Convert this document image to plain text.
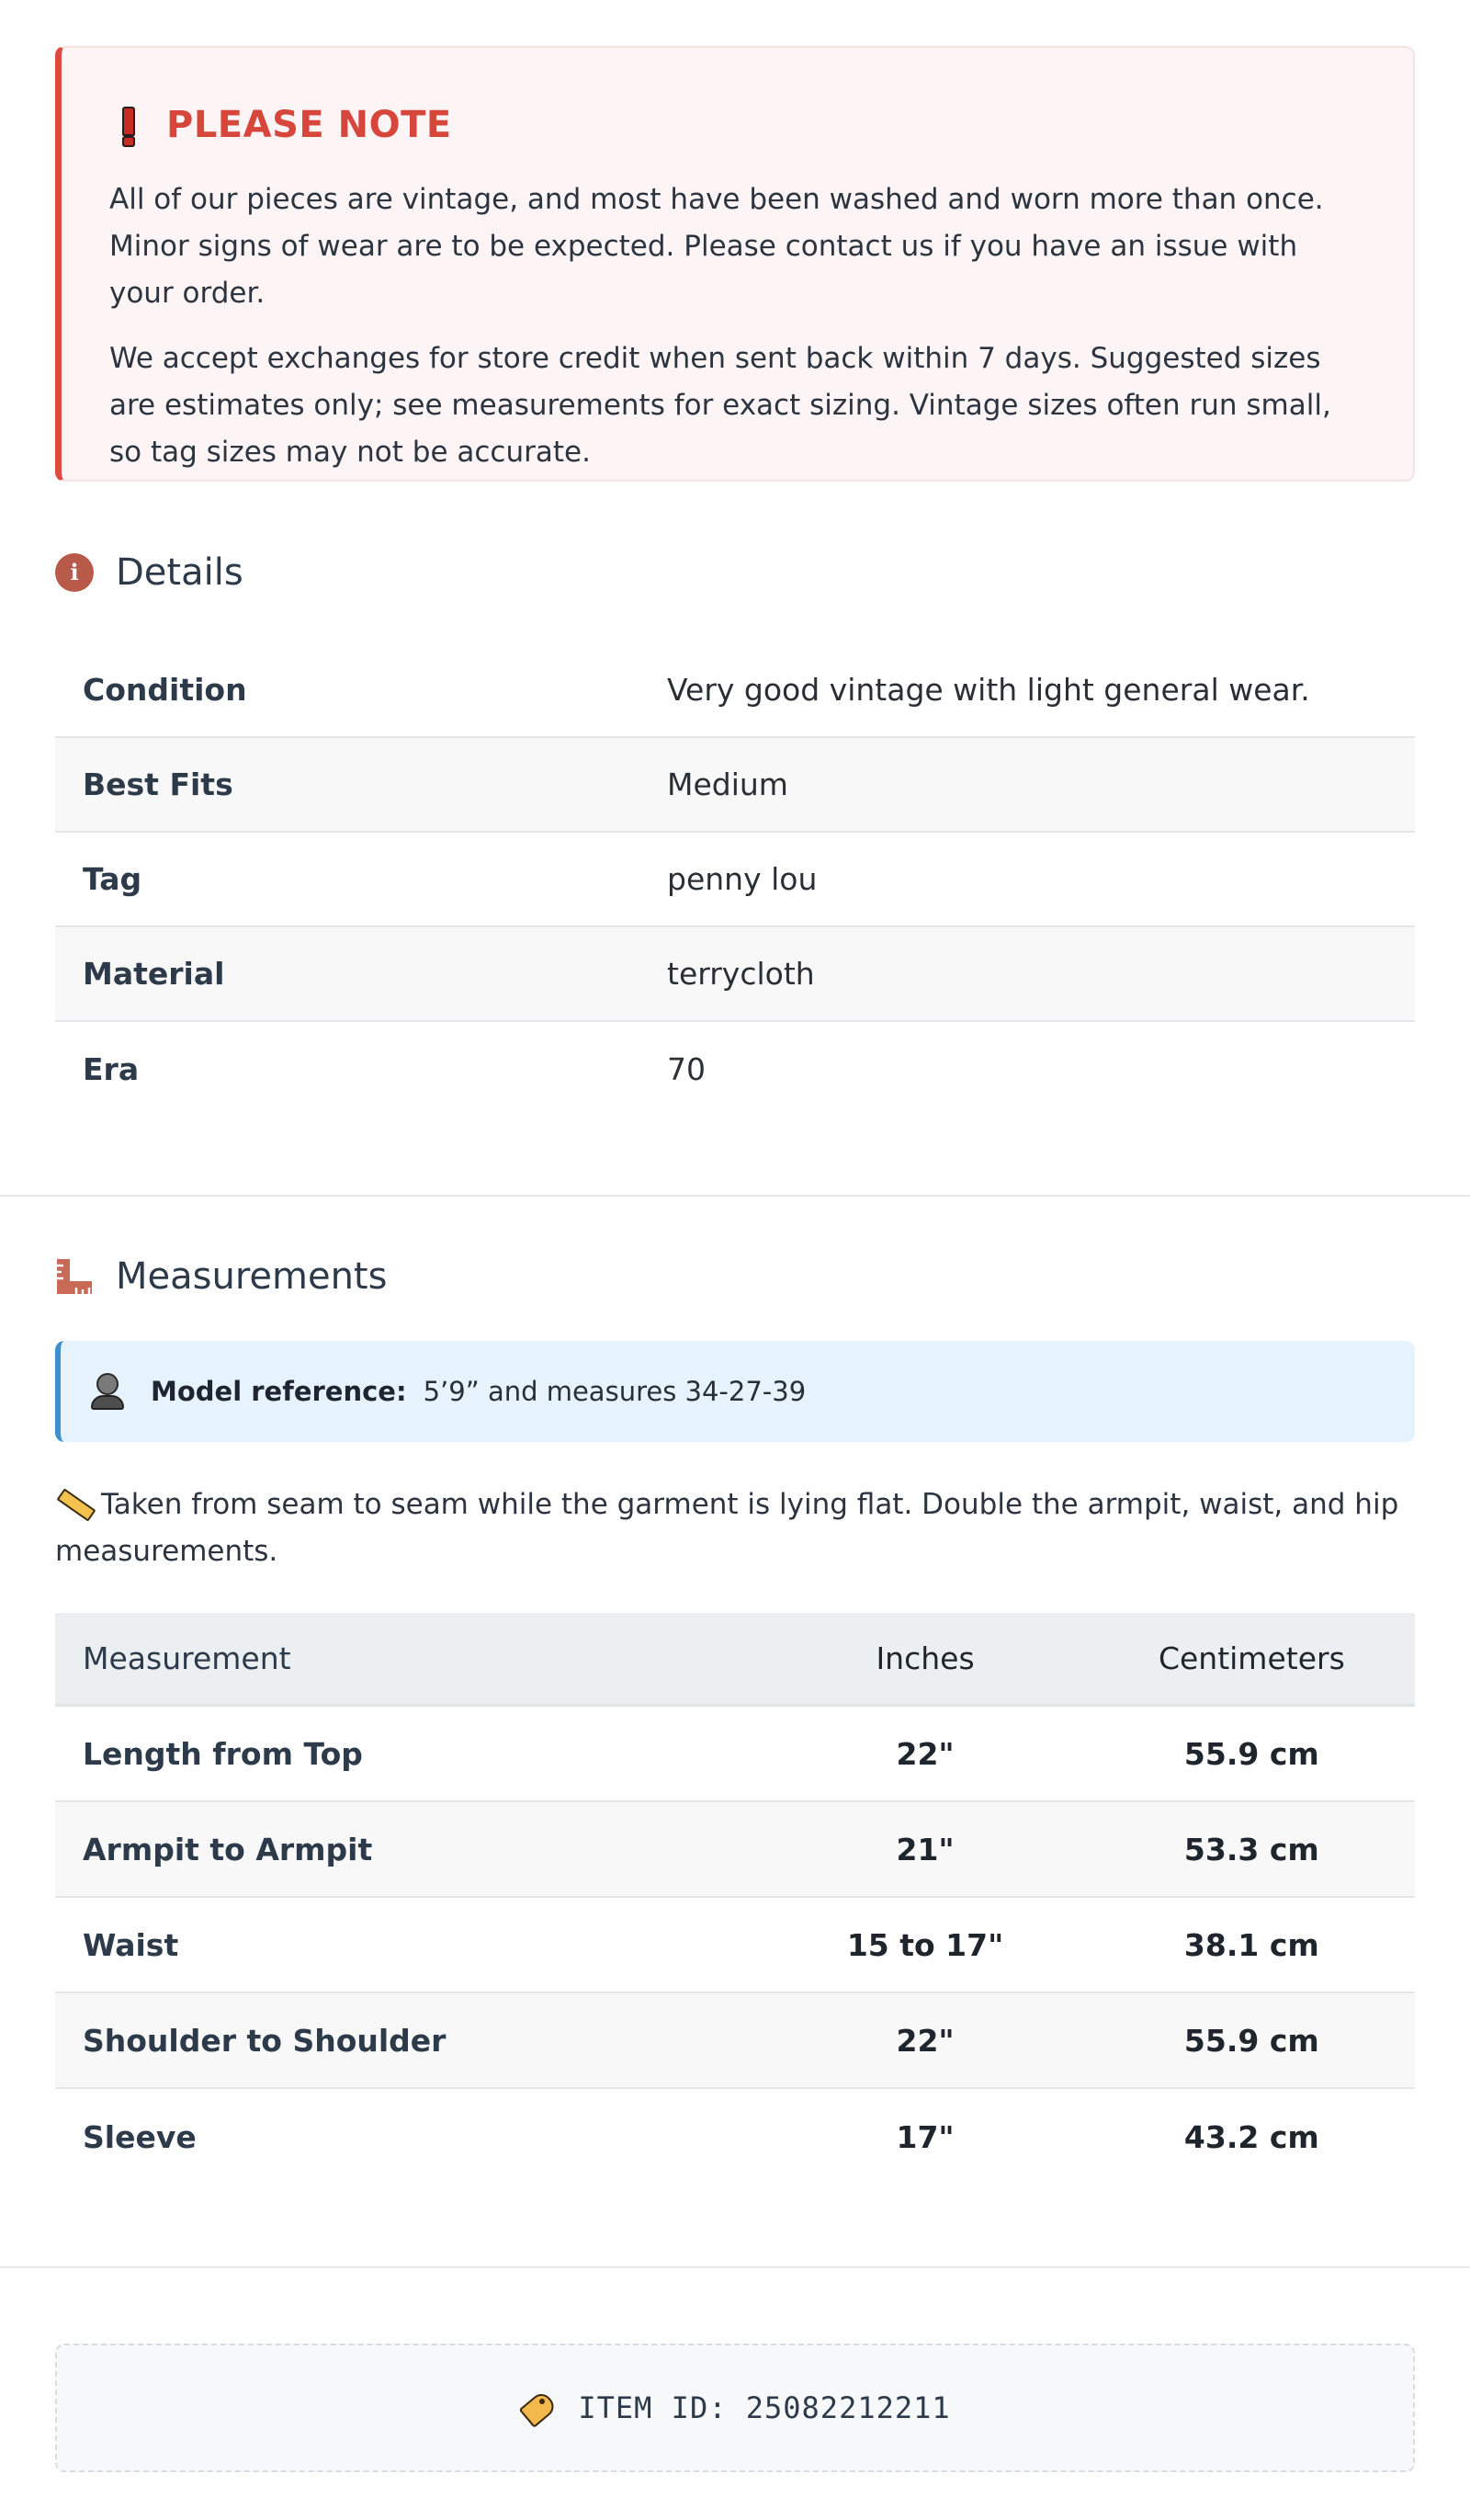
PLEASE NOTE

All of our pieces are vintage, and most have been washed and worn more than once. Minor signs of wear are to be expected. Please contact us if you have an issue with your order.

We accept exchanges for store credit when sent back within 7 days. Suggested sizes are estimates only; see measurements for exact sizing. Vintage sizes often run small, so tag sizes may not be accurate.

i	Details
Condition	Very good vintage with light general wear.
Best Fits	Medium
Tag	penny lou
Material	terrycloth
Era	70
Measurements
Model reference: 5’9” and measures 34-27-39
Taken from seam to seam while the garment is lying flat. Double the armpit, waist, and hip measurements.
Measurement	Inches	Centimeters
Length from Top	22"	55.9 cm
Armpit to Armpit	21"	53.3 cm
Waist	15 to 17"	38.1 cm
Shoulder to Shoulder	22"	55.9 cm
Sleeve	17"	43.2 cm
ITEM ID: 25082212211
